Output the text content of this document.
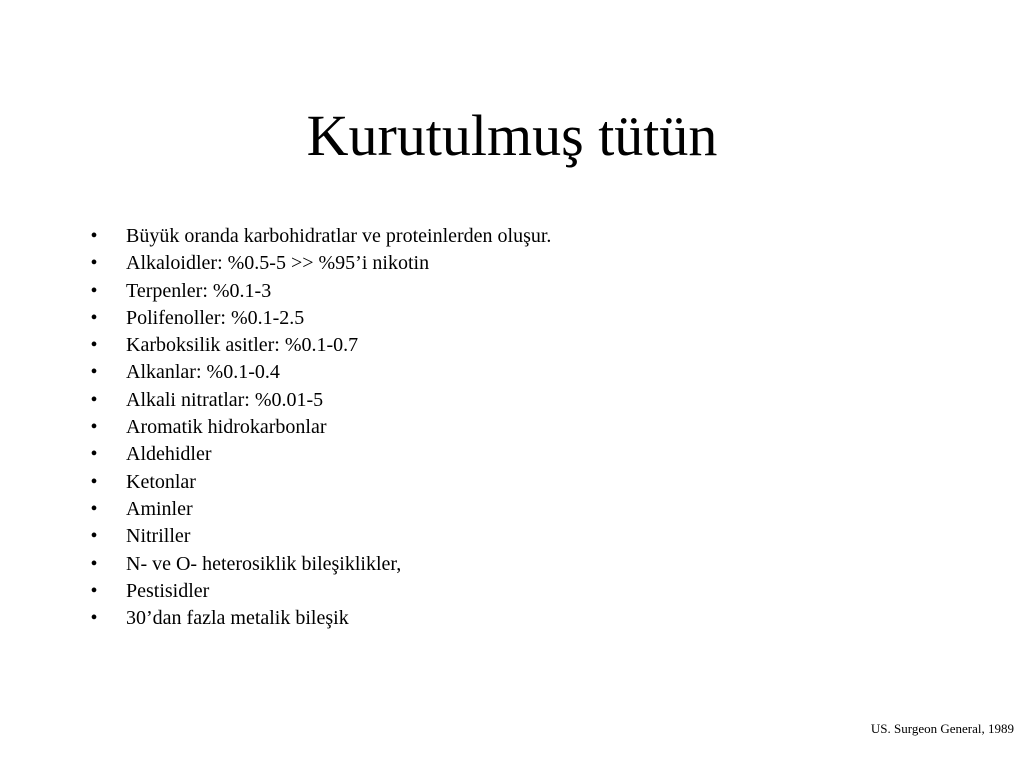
Kurutulmuş tütün
•	Büyük oranda karbohidratlar ve proteinlerden oluşur.
•	Alkaloidler: %0.5-5 >> %95’i nikotin
•	Terpenler: %0.1-3
•	Polifenoller: %0.1-2.5
•	Karboksilik asitler: %0.1-0.7
•	Alkanlar: %0.1-0.4
•	Alkali nitratlar: %0.01-5
•	Aromatik hidrokarbonlar
•	Aldehidler
•	Ketonlar
•	Aminler
•	Nitriller
•	N- ve O- heterosiklik bileşiklikler,
•	Pestisidler
•	30’dan fazla metalik bileşik
US. Surgeon General, 1989
